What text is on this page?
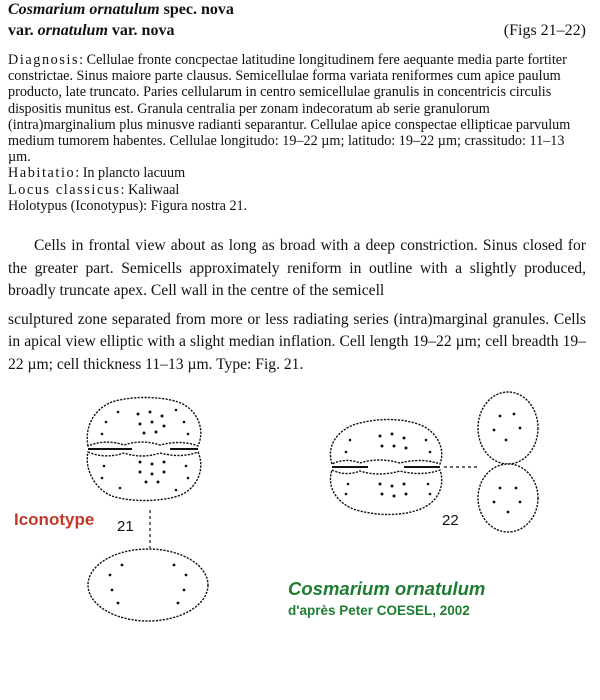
Cosmarium ornatulum spec. nova
var. ornatulum var. nova	(Figs 21–22)

Diagnosis: Cellulae fronte concpectae latitudine longitudinem fere aequante media parte fortiter constrictae. Sinus maiore parte clausus. Semicellulae forma variata reniformes cum apice paulum producto, late truncato. Paries cellularum in centro semicellulae granulis in concentricis circulis dispositis munitus est. Granula centralia per zonam indecoratum ab serie granulorum (intra)marginalium plus minusve radianti separantur. Cellulae apice conspectae ellipticae parvulum medium tumorem habentes. Cellulae longitudo: 19–22 µm; latitudo: 19–22 µm; crassitudo: 11–13 µm.

Habitatio: In plancto lacuum

Locus classicus: Kaliwaal

Holotypus (Iconotypus): Figura nostra 21.

Cells in frontal view about as long as broad with a deep constriction. Sinus closed for the greater part. Semicells approximately reniform in outline with a slightly produced, broadly truncate apex. Cell wall in the centre of the semicell

sculptured zone separated from more or less radiating series (intra)marginal granules. Cells in apical view elliptic with a slight median inflation. Cell length 19–22 µm; cell breadth 19–22 µm; cell thickness 11–13 µm. Type: Fig. 21.

Iconotype 21	22
Cosmarium ornatulum
d'après Peter COESEL, 2002
